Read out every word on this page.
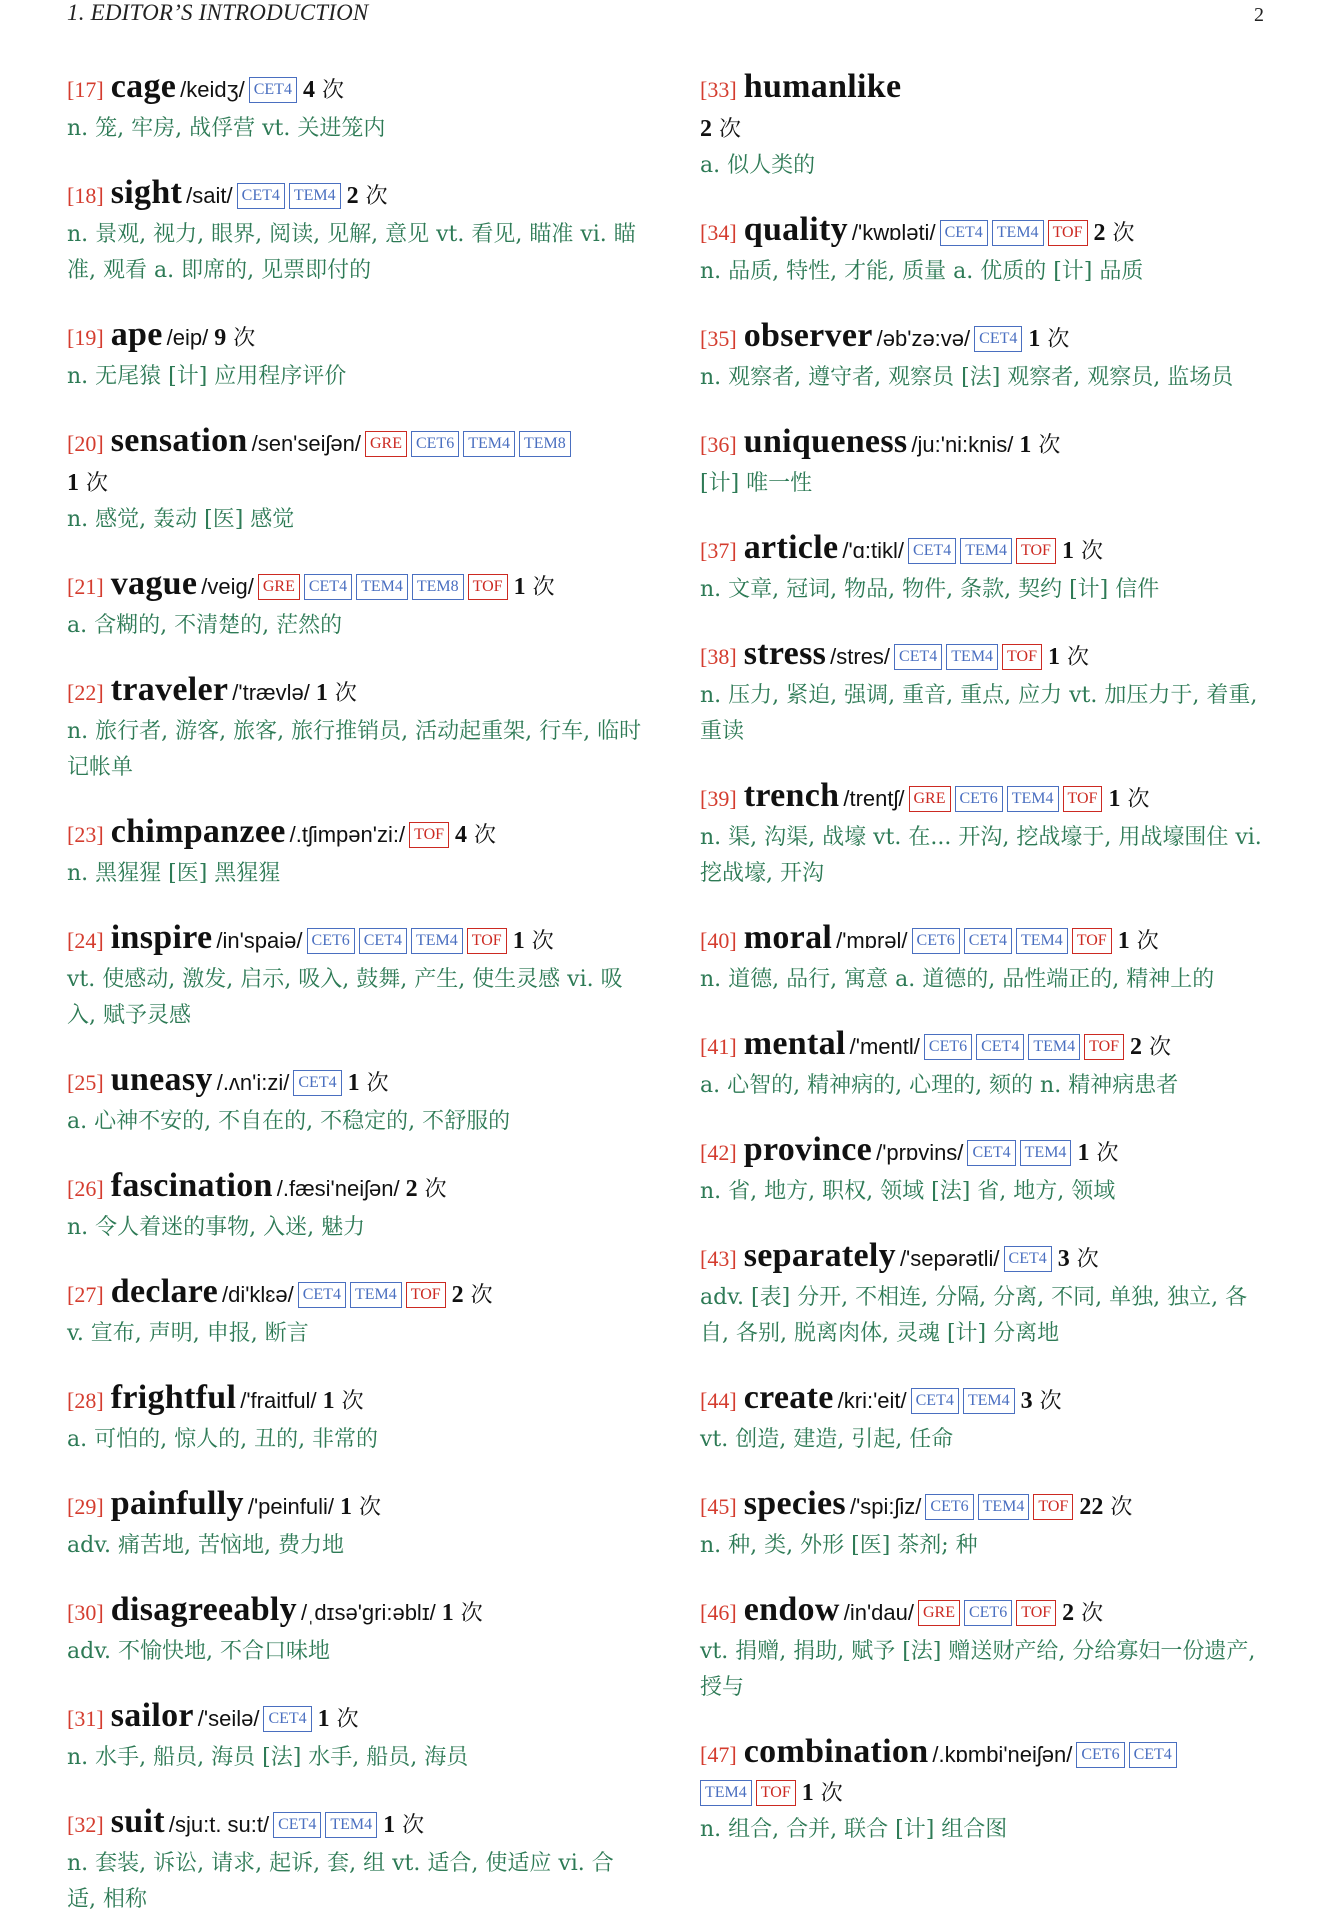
1. EDITOR’S INTRODUCTION	2
[17] cage /keidʒ/ CET4 4 次
n. 笼, 牢房, 战俘营 vt. 关进笼内
[18] sight /sait/ CET4 TEM4 2 次
n. 景观, 视力, 眼界, 阅读, 见解, 意见 vt. 看见, 瞄准 vi. 瞄准, 观看 a. 即席的, 见票即付的
[19] ape /eip/ 9 次
n. 无尾猿 [计] 应用程序评价
[20] sensation /sen'seiʃən/ GRE CET6 TEM4 TEM8
1 次
n. 感觉, 轰动 [医] 感觉
[21] vague /veig/ GRE CET4 TEM4 TEM8 TOF 1 次
a. 含糊的, 不清楚的, 茫然的
[22] traveler /'trævlə/ 1 次
n. 旅行者, 游客, 旅客, 旅行推销员, 活动起重架, 行车, 临时记帐单
[23] chimpanzee /.tʃimpən'zi:/ TOF 4 次
n. 黑猩猩 [医] 黑猩猩
[24] inspire /in'spaiə/ CET6 CET4 TEM4 TOF 1 次
vt. 使感动, 激发, 启示, 吸入, 鼓舞, 产生, 使生灵感 vi. 吸入, 赋予灵感
[25] uneasy /.ʌn'i:zi/ CET4 1 次
a. 心神不安的, 不自在的, 不稳定的, 不舒服的
[26] fascination /.fæsi'neiʃən/ 2 次
n. 令人着迷的事物, 入迷, 魅力
[27] declare /di'klɛə/ CET4 TEM4 TOF 2 次
v. 宣布, 声明, 申报, 断言
[28] frightful /'fraitful/ 1 次
a. 可怕的, 惊人的, 丑的, 非常的
[29] painfully /'peinfuli/ 1 次
adv. 痛苦地, 苦恼地, 费力地
[30] disagreeably /ˌdɪsə'gri:əblɪ/ 1 次
adv. 不愉快地, 不合口味地
[31] sailor /'seilə/ CET4 1 次
n. 水手, 船员, 海员 [法] 水手, 船员, 海员
[32] suit /sju:t. su:t/ CET4 TEM4 1 次
n. 套装, 诉讼, 请求, 起诉, 套, 组 vt. 适合, 使适应 vi. 合适, 相称
[33] humanlike
2 次
a. 似人类的
[34] quality /'kwɒləti/ CET4 TEM4 TOF 2 次
n. 品质, 特性, 才能, 质量 a. 优质的 [计] 品质
[35] observer /əb'zə:və/ CET4 1 次
n. 观察者, 遵守者, 观察员 [法] 观察者, 观察员, 监场员
[36] uniqueness /ju:'ni:knis/ 1 次
[计] 唯一性
[37] article /'ɑ:tikl/ CET4 TEM4 TOF 1 次
n. 文章, 冠词, 物品, 物件, 条款, 契约 [计] 信件
[38] stress /stres/ CET4 TEM4 TOF 1 次
n. 压力, 紧迫, 强调, 重音, 重点, 应力 vt. 加压力于, 着重, 重读
[39] trench /trentʃ/ GRE CET6 TEM4 TOF 1 次
n. 渠, 沟渠, 战壕 vt. 在... 开沟, 挖战壕于, 用战壕围住 vi. 挖战壕, 开沟
[40] moral /'mɒrəl/ CET6 CET4 TEM4 TOF 1 次
n. 道德, 品行, 寓意 a. 道德的, 品性端正的, 精神上的
[41] mental /'mentl/ CET6 CET4 TEM4 TOF 2 次
a. 心智的, 精神病的, 心理的, 颏的 n. 精神病患者
[42] province /'prɒvins/ CET4 TEM4 1 次
n. 省, 地方, 职权, 领域 [法] 省, 地方, 领域
[43] separately /'sepərətli/ CET4 3 次
adv. [表] 分开, 不相连, 分隔, 分离, 不同, 单独, 独立, 各自, 各别, 脱离肉体, 灵魂 [计] 分离地
[44] create /kri:'eit/ CET4 TEM4 3 次
vt. 创造, 建造, 引起, 任命
[45] species /'spi:ʃiz/ CET6 TEM4 TOF 22 次
n. 种, 类, 外形 [医] 茶剂; 种
[46] endow /in'dau/ GRE CET6 TOF 2 次
vt. 捐赠, 捐助, 赋予 [法] 赠送财产给, 分给寡妇一份遗产, 授与
[47] combination /.kɒmbi'neiʃən/ CET6 CET4
TEM4 TOF 1 次
n. 组合, 合并, 联合 [计] 组合图
